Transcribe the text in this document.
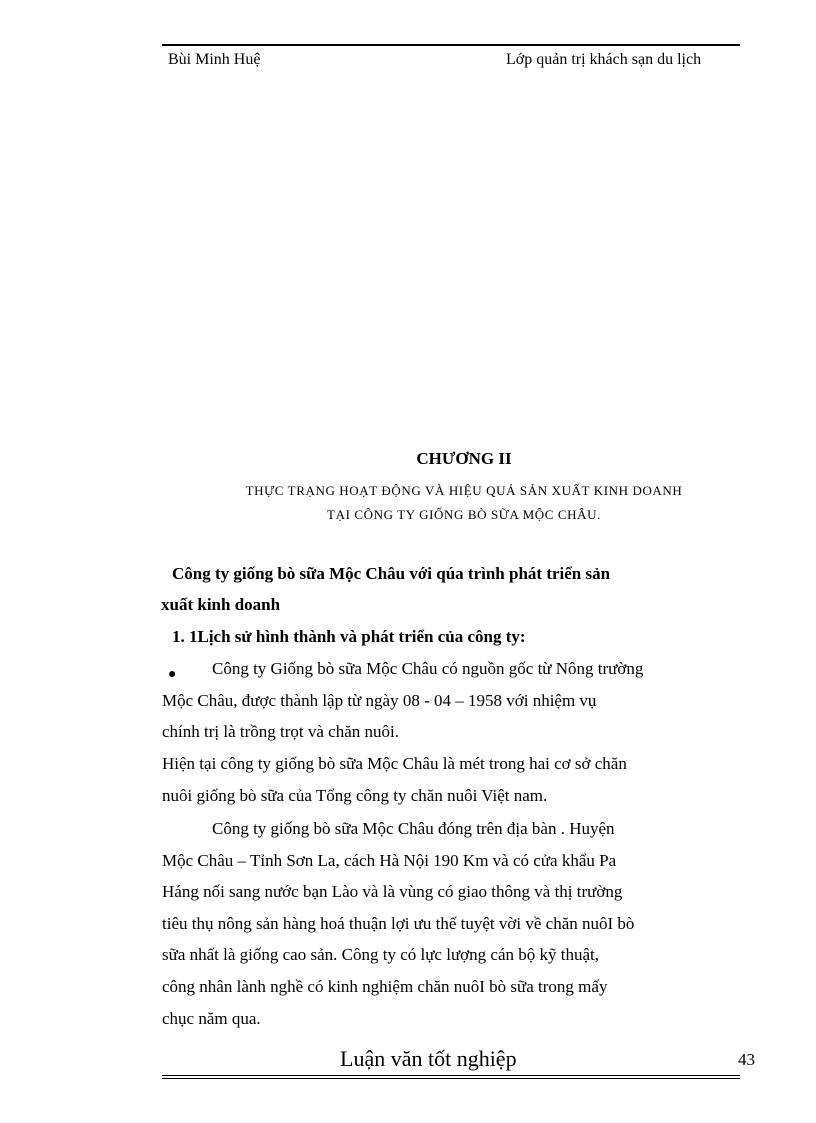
Bùi Minh Huệ	Lớp quản trị khách sạn du lịch
CHƯƠNG II
THỰC TRẠNG HOẠT ĐỘNG VÀ HIỆU QUẢ SẢN XUẤT KINH DOANH
TẠI CÔNG TY GIỐNG BÒ SỮA MỘC CHÂU.
Công ty giống bò sữa Mộc Châu với qúa trình phát triển sản
xuất kinh doanh
1. 1Lịch sử hình thành và phát triển của công ty:
● Công ty Giống bò sữa Mộc Châu có nguồn gốc từ Nông trường
Mộc Châu, được thành lập từ ngày 08 - 04 – 1958 với nhiệm vụ
chính trị là trồng trọt và chăn nuôi.
Hiện tại công ty giống bò sữa Mộc Châu là mét trong hai cơ sở chăn
nuôi giống bò sữa của Tổng công ty chăn nuôi Việt nam.
Công ty giống bò sữa Mộc Châu đóng trên địa bàn . Huyện
Mộc Châu – Tỉnh Sơn La, cách Hà Nội 190 Km và có cửa khẩu Pa
Háng nối sang nước bạn Lào và là vùng có giao thông và thị trường
tiêu thụ nông sản hàng hoá thuận lợi ưu thế tuyệt vời về chăn nuôI bò
sữa nhất là giống cao sản. Công ty có lực lượng cán bộ kỹ thuật,
công nhân lành nghề có kinh nghiệm chăn nuôI bò sữa trong mấy
chục năm qua.
Luận văn tốt nghiệp	43
